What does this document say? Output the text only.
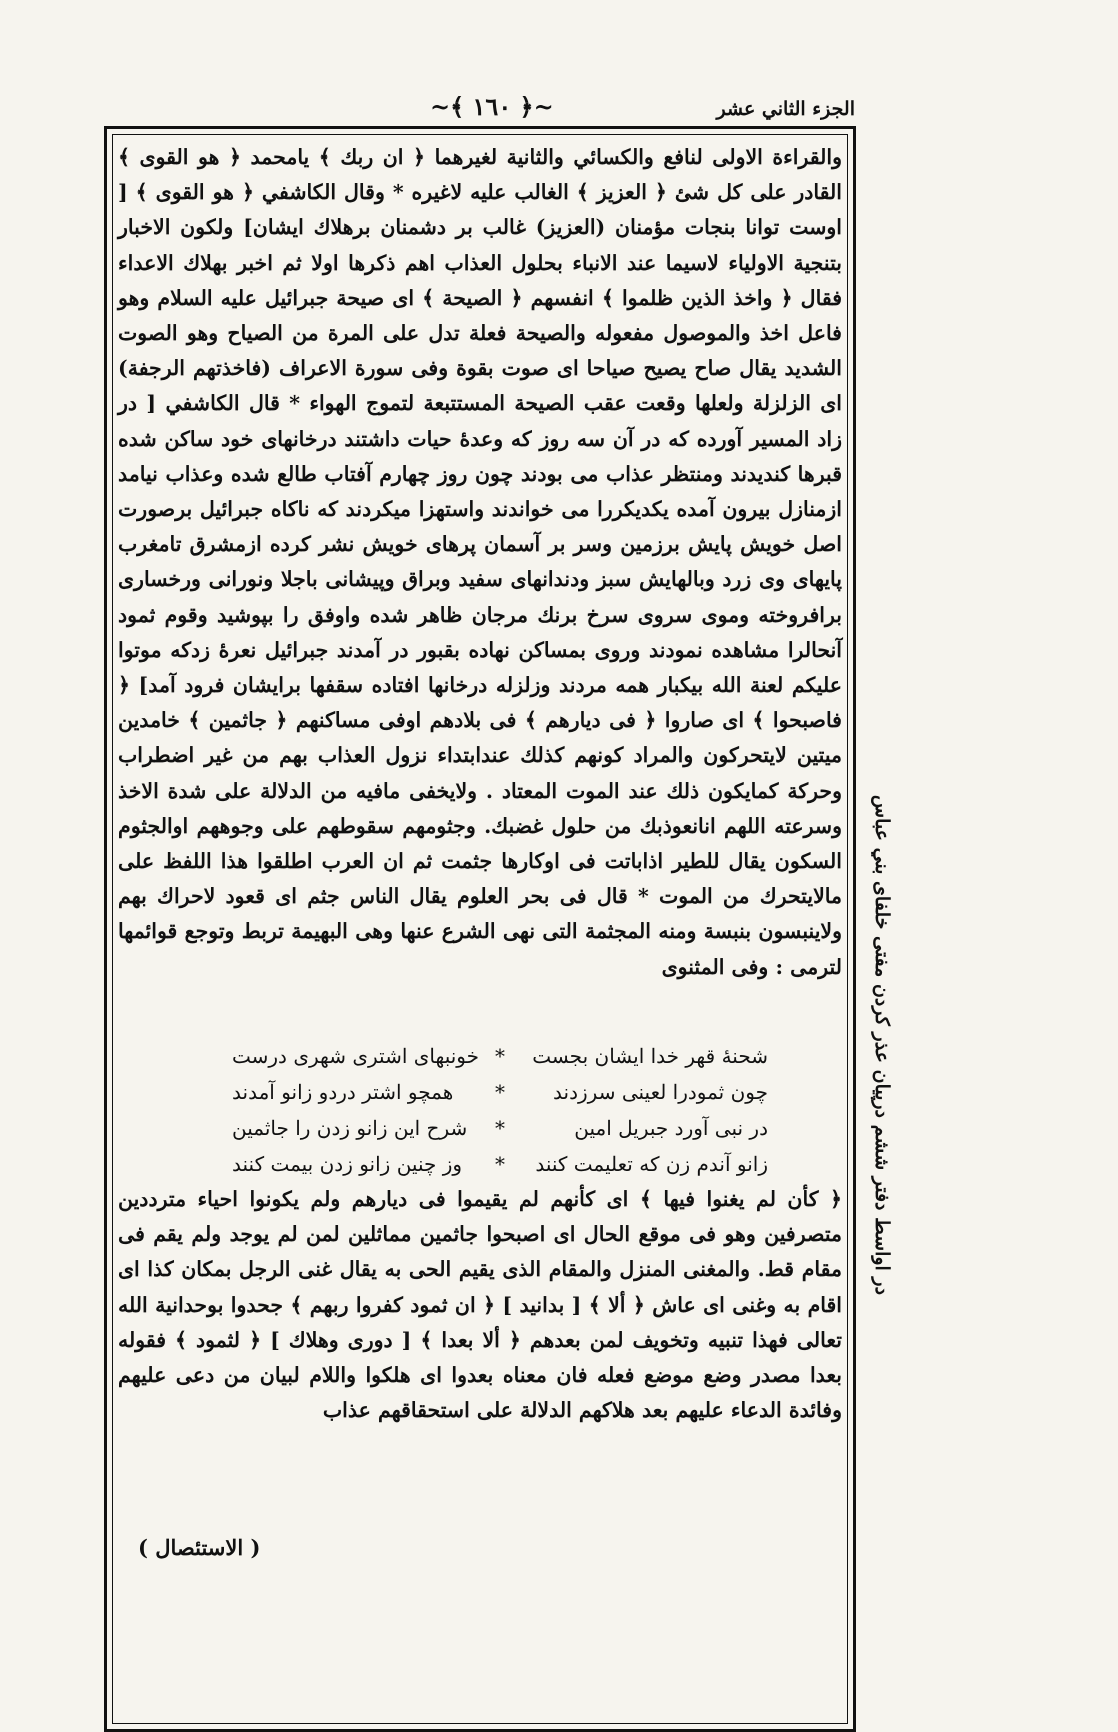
الجزء الثاني عشر
~﴿ ١٦٠ ﴾~

والقراءة الاولى لنافع والكسائي والثانية لغيرهما ﴿ ان ربك ﴾ يامحمد ﴿ هو القوى ﴾ القادر على كل شئ ﴿ العزيز ﴾ الغالب عليه لاغيره * وقال الكاشفي ﴿ هو القوى ﴾ [ اوست توانا بنجات مؤمنان (العزيز) غالب بر دشمنان برهلاك ايشان] ولكون الاخبار بتنجية الاولياء لاسيما عند الانباء بحلول العذاب اهم ذكرها اولا ثم اخبر بهلاك الاعداء فقال ﴿ واخذ الذين ظلموا ﴾ انفسهم ﴿ الصيحة ﴾ اى صيحة جبرائيل عليه السلام وهو فاعل اخذ والموصول مفعوله والصيحة فعلة تدل على المرة من الصياح وهو الصوت الشديد يقال صاح يصيح صياحا اى صوت بقوة وفى سورة الاعراف (فاخذتهم الرجفة) اى الزلزلة ولعلها وقعت عقب الصيحة المستتبعة لتموج الهواء * قال الكاشفي [ در زاد المسير آورده كه در آن سه روز كه وعدهٔ حيات داشتند درخانهاى خود ساكن شده قبرها كنديدند ومنتظر عذاب مى بودند چون روز چهارم آفتاب طالع شده وعذاب نيامد ازمنازل بيرون آمده يكديكررا مى خواندند واستهزا ميكردند كه ناكاه جبرائيل برصورت اصل خويش پايش برزمين وسر بر آسمان پرهاى خويش نشر كرده ازمشرق تامغرب پايهاى وى زرد وبالهايش سبز ودندانهاى سفيد وبراق وپيشانى باجلا ونورانى ورخسارى برافروخته وموى سروى سرخ برنك مرجان ظاهر شده واوفق را بپوشيد وقوم ثمود آنحالرا مشاهده نمودند وروى بمساكن نهاده بقبور در آمدند جبرائيل نعرهٔ زدكه موتوا عليكم لعنة الله بيكبار همه مردند وزلزله درخانها افتاده سقفها برايشان فرود آمد] ﴿ فاصبحوا ﴾ اى صاروا ﴿ فى ديارهم ﴾ فى بلادهم اوفى مساكنهم ﴿ جاثمين ﴾ خامدين ميتين لايتحركون والمراد كونهم كذلك عندابتداء نزول العذاب بهم من غير اضطراب وحركة كمايكون ذلك عند الموت المعتاد . ولايخفى مافيه من الدلالة على شدة الاخذ وسرعته اللهم انانعوذبك من حلول غضبك. وجثومهم سقوطهم على وجوههم اوالجثوم السكون يقال للطير اذاباتت فى اوكارها جثمت ثم ان العرب اطلقوا هذا اللفظ على مالايتحرك من الموت * قال فى بحر العلوم يقال الناس جثم اى قعود لاحراك بهم ولاينبسون بنبسة ومنه المجثمة التى نهى الشرع عنها وهى البهيمة تربط وتوجع قوائمها لترمى : وفى المثنوى

شحنهٔ قهر خدا ايشان بجست
*
خونبهاى اشترى شهرى درست
چون ثمودرا لعينى سرزدند
*
همچو اشتر دردو زانو آمدند
در نبى آورد جبريل امين
*
شرح اين زانو زدن را جاثمين
زانو آندم زن كه تعليمت كنند
*
وز چنين زانو زدن بيمت كنند

﴿ كأن لم يغنوا فيها ﴾ اى كأنهم لم يقيموا فى ديارهم ولم يكونوا احياء مترددين متصرفين وهو فى موقع الحال اى اصبحوا جاثمين مماثلين لمن لم يوجد ولم يقم فى مقام قط. والمغنى المنزل والمقام الذى يقيم الحى به يقال غنى الرجل بمكان كذا اى اقام به وغنى اى عاش ﴿ ألا ﴾ [ بدانيد ] ﴿ ان ثمود كفروا ربهم ﴾ جحدوا بوحدانية الله تعالى فهذا تنبيه وتخويف لمن بعدهم ﴿ ألا بعدا ﴾ [ دورى وهلاك ] ﴿ لثمود ﴾ فقوله بعدا مصدر وضع موضع فعله فان معناه بعدوا اى هلكوا واللام لبيان من دعى عليهم وفائدة الدعاء عليهم بعد هلاكهم الدلالة على استحقاقهم عذاب

در اواسط دفتر ششم درپيان عذر كردن مفتى خلفاى بني عباس
( الاستئصال )
